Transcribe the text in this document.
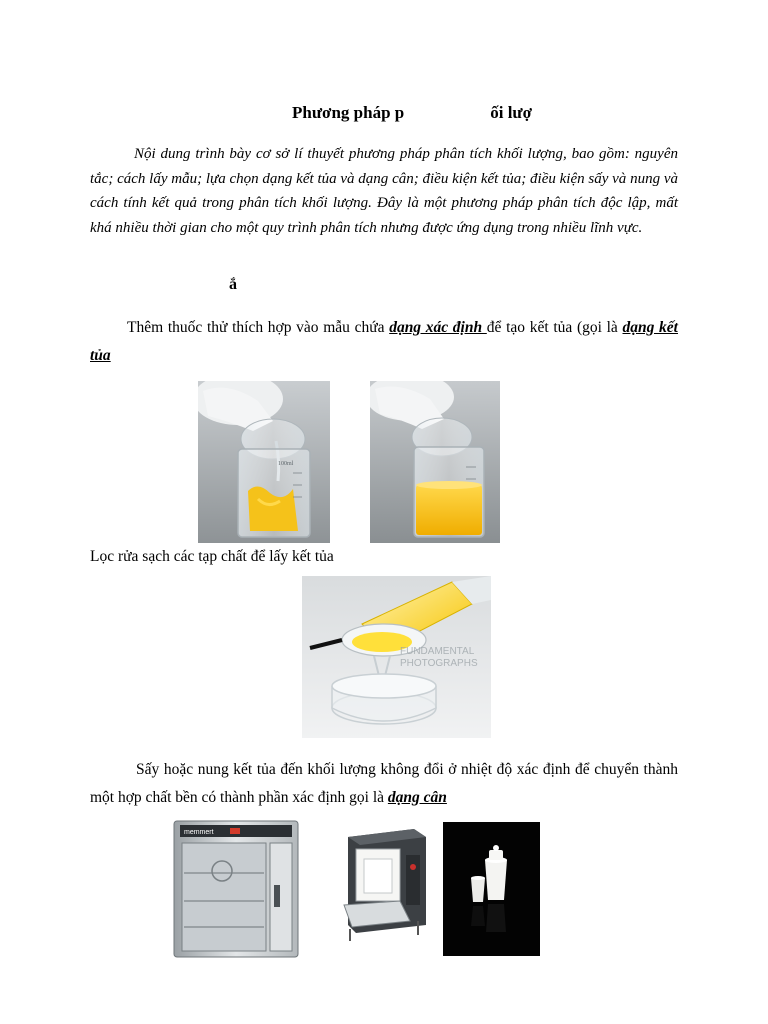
Phương pháp p	ối lượ
Nội dung trình bày cơ sở lí thuyết phương pháp phân tích khối lượng, bao gồm: nguyên tắc; cách lấy mẫu; lựa chọn dạng kết tủa và dạng cân; điều kiện kết tủa; điều kiện sấy và nung và cách tính kết quả trong phân tích khối lượng. Đây là một phương pháp phân tích độc lập, mất khá nhiều thời gian cho một quy trình phân tích nhưng được ứng dụng trong nhiều lĩnh vực.
ắ
Thêm thuốc thử thích hợp vào mẫu chứa dạng xác định để tạo kết tủa (gọi là dạng kết tủa
100ml
Lọc rửa sạch các tạp chất để lấy kết tủa
FUNDAMENTAL
PHOTOGRAPHS
Sấy hoặc nung kết tủa đến khối lượng không đổi ở nhiệt độ xác định để chuyển thành một hợp chất bền có thành phần xác định gọi là dạng cân
memmert
